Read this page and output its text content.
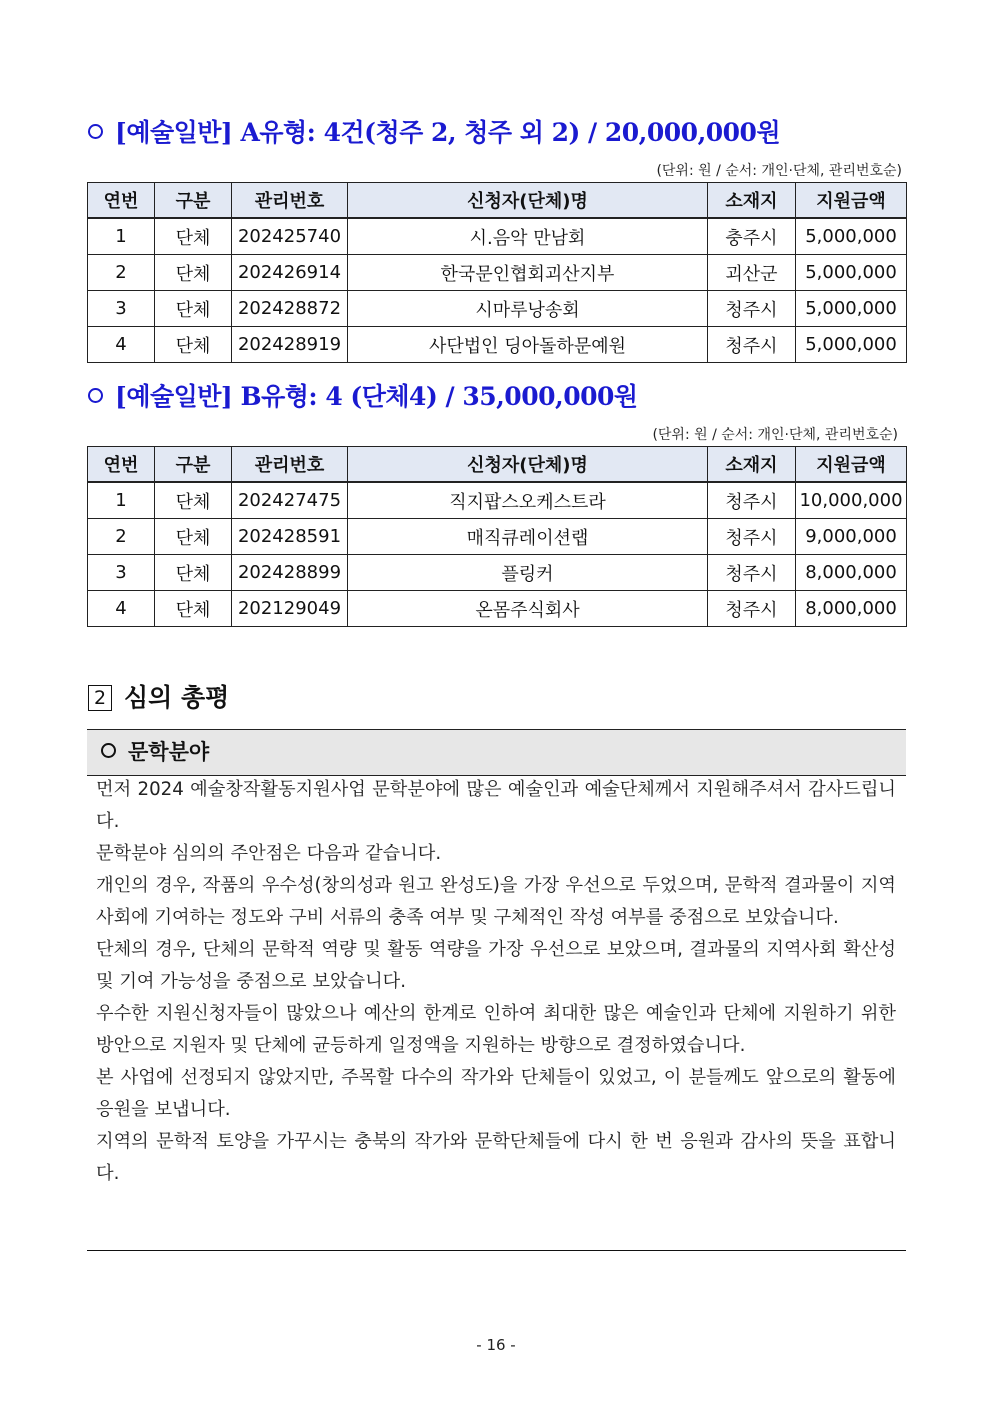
[예술일반] A유형: 4건(청주 2, 청주 외 2) / 20,000,000원
(단위: 원 / 순서: 개인·단체, 관리번호순)
연번	구분	관리번호	신청자(단체)명	소재지	지원금액
1	단체	202425740	시.음악 만남회	충주시	5,000,000
2	단체	202426914	한국문인협회괴산지부	괴산군	5,000,000
3	단체	202428872	시마루낭송회	청주시	5,000,000
4	단체	202428919	사단법인 딩아돌하문예원	청주시	5,000,000
[예술일반] B유형: 4 (단체4) / 35,000,000원
(단위: 원 / 순서: 개인·단체, 관리번호순)
연번	구분	관리번호	신청자(단체)명	소재지	지원금액
1	단체	202427475	직지팝스오케스트라	청주시	10,000,000
2	단체	202428591	매직큐레이션랩	청주시	9,000,000
3	단체	202428899	플링커	청주시	8,000,000
4	단체	202129049	온몸주식회사	청주시	8,000,000
2 심의 총평
문학분야

먼저 2024 예술창작활동지원사업 문학분야에 많은 예술인과 예술단체께서 지원해주셔서 감사드립니다.

문학분야 심의의 주안점은 다음과 같습니다.

개인의 경우, 작품의 우수성(창의성과 원고 완성도)을 가장 우선으로 두었으며, 문학적 결과물이 지역사회에 기여하는 정도와 구비 서류의 충족 여부 및 구체적인 작성 여부를 중점으로 보았습니다.

단체의 경우, 단체의 문학적 역량 및 활동 역량을 가장 우선으로 보았으며, 결과물의 지역사회 확산성 및 기여 가능성을 중점으로 보았습니다.

우수한 지원신청자들이 많았으나 예산의 한계로 인하여 최대한 많은 예술인과 단체에 지원하기 위한 방안으로 지원자 및 단체에 균등하게 일정액을 지원하는 방향으로 결정하였습니다.

본 사업에 선정되지 않았지만, 주목할 다수의 작가와 단체들이 있었고, 이 분들께도 앞으로의 활동에 응원을 보냅니다.

지역의 문학적 토양을 가꾸시는 충북의 작가와 문학단체들에 다시 한 번 응원과 감사의 뜻을 표합니다.

- 16 -
